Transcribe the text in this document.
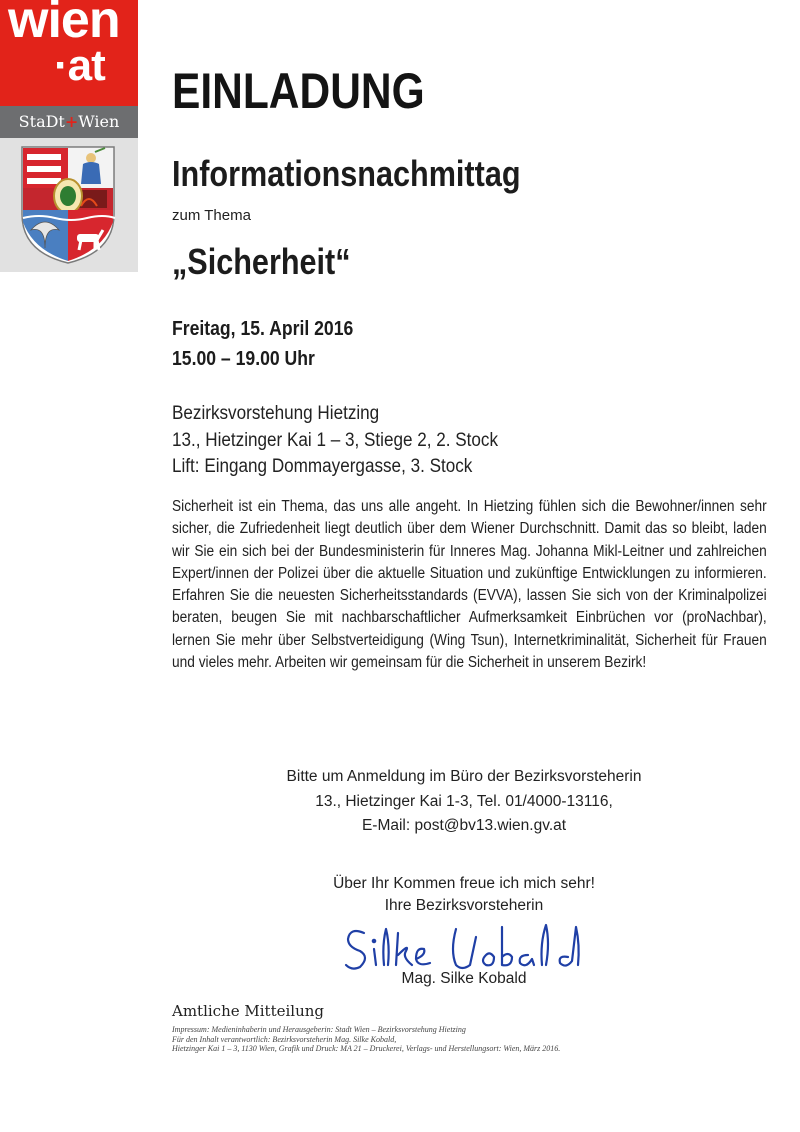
wien
·at
StaDt+Wien
EINLADUNG
Informationsnachmittag
zum Thema
„Sicherheit“
Freitag, 15. April 2016
15.00 – 19.00 Uhr
Bezirksvorstehung Hietzing
13., Hietzinger Kai 1 – 3, Stiege 2, 2. Stock
Lift: Eingang Dommayergasse, 3. Stock
Sicherheit ist ein Thema, das uns alle angeht. In Hietzing fühlen sich die Bewohner/innen sehr sicher, die Zufriedenheit liegt deutlich über dem Wiener Durchschnitt. Damit das so bleibt, laden wir Sie ein sich bei der Bundesministerin für Inneres Mag. Johanna Mikl-Leitner und zahlreichen Expert/innen der Polizei über die aktuelle Situation und zukünftige Entwicklungen zu informieren. Erfahren Sie die neuesten Sicherheitsstandards (EVVA), lassen Sie sich von der Kriminalpolizei beraten, beugen Sie mit nachbarschaftlicher Aufmerksamkeit Einbrüchen vor (proNachbar), lernen Sie mehr über Selbstverteidigung (Wing Tsun), Internetkriminalität, Sicherheit für Frauen und vieles mehr. Arbeiten wir gemeinsam für die Sicherheit in unserem Bezirk!
Bitte um Anmeldung im Büro der Bezirksvorsteherin
13., Hietzinger Kai 1-3, Tel. 01/4000-13116,
E-Mail: post@bv13.wien.gv.at
Über Ihr Kommen freue ich mich sehr!
Ihre Bezirksvorsteherin
Mag. Silke Kobald
Amtliche Mitteilung
Impressum: Medieninhaberin und Herausgeberin: Stadt Wien – Bezirksvorstehung Hietzing
Für den Inhalt verantwortlich: Bezirksvorsteherin Mag. Silke Kobald,
Hietzinger Kai 1 – 3, 1130 Wien, Grafik und Druck: MA 21 – Druckerei, Verlags- und Herstellungsort: Wien, März 2016.
